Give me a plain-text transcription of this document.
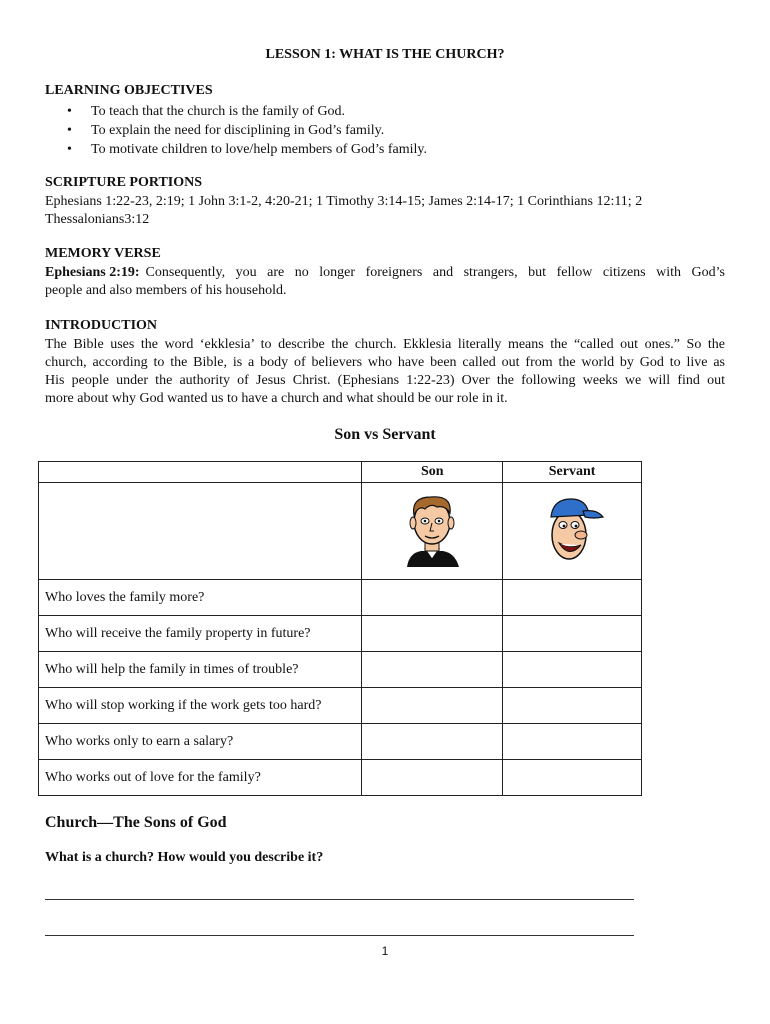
LESSON 1: WHAT IS THE CHURCH?
LEARNING OBJECTIVES
• To teach that the church is the family of God.
• To explain the need for disciplining in God’s family.
• To motivate children to love/help members of God’s family.
SCRIPTURE PORTIONS
Ephesians 1:22-23, 2:19; 1 John 3:1-2, 4:20-21; 1 Timothy 3:14-15; James 2:14-17; 1 Corinthians 12:11; 2
Thessalonians3:12
MEMORY VERSE
Ephesians 2:19: Consequently, you are no longer foreigners and strangers, but fellow citizens with God’s
people and also members of his household.
INTRODUCTION
The Bible uses the word ‘ekklesia’ to describe the church. Ekklesia literally means the “called out ones.” So the
church, according to the Bible, is a body of believers who have been called out from the world by God to live as
His people under the authority of Jesus Christ. (Ephesians 1:22-23) Over the following weeks we will find out
more about why God wanted us to have a church and what should be our role in it.
Son vs Servant
	Son	Servant

Who loves the family more?		
Who will receive the family property in future?		
Who will help the family in times of trouble?		
Who will stop working if the work gets too hard?		
Who works only to earn a salary?		
Who works out of love for the family?		
Church—The Sons of God
What is a church? How would you describe it?
1
